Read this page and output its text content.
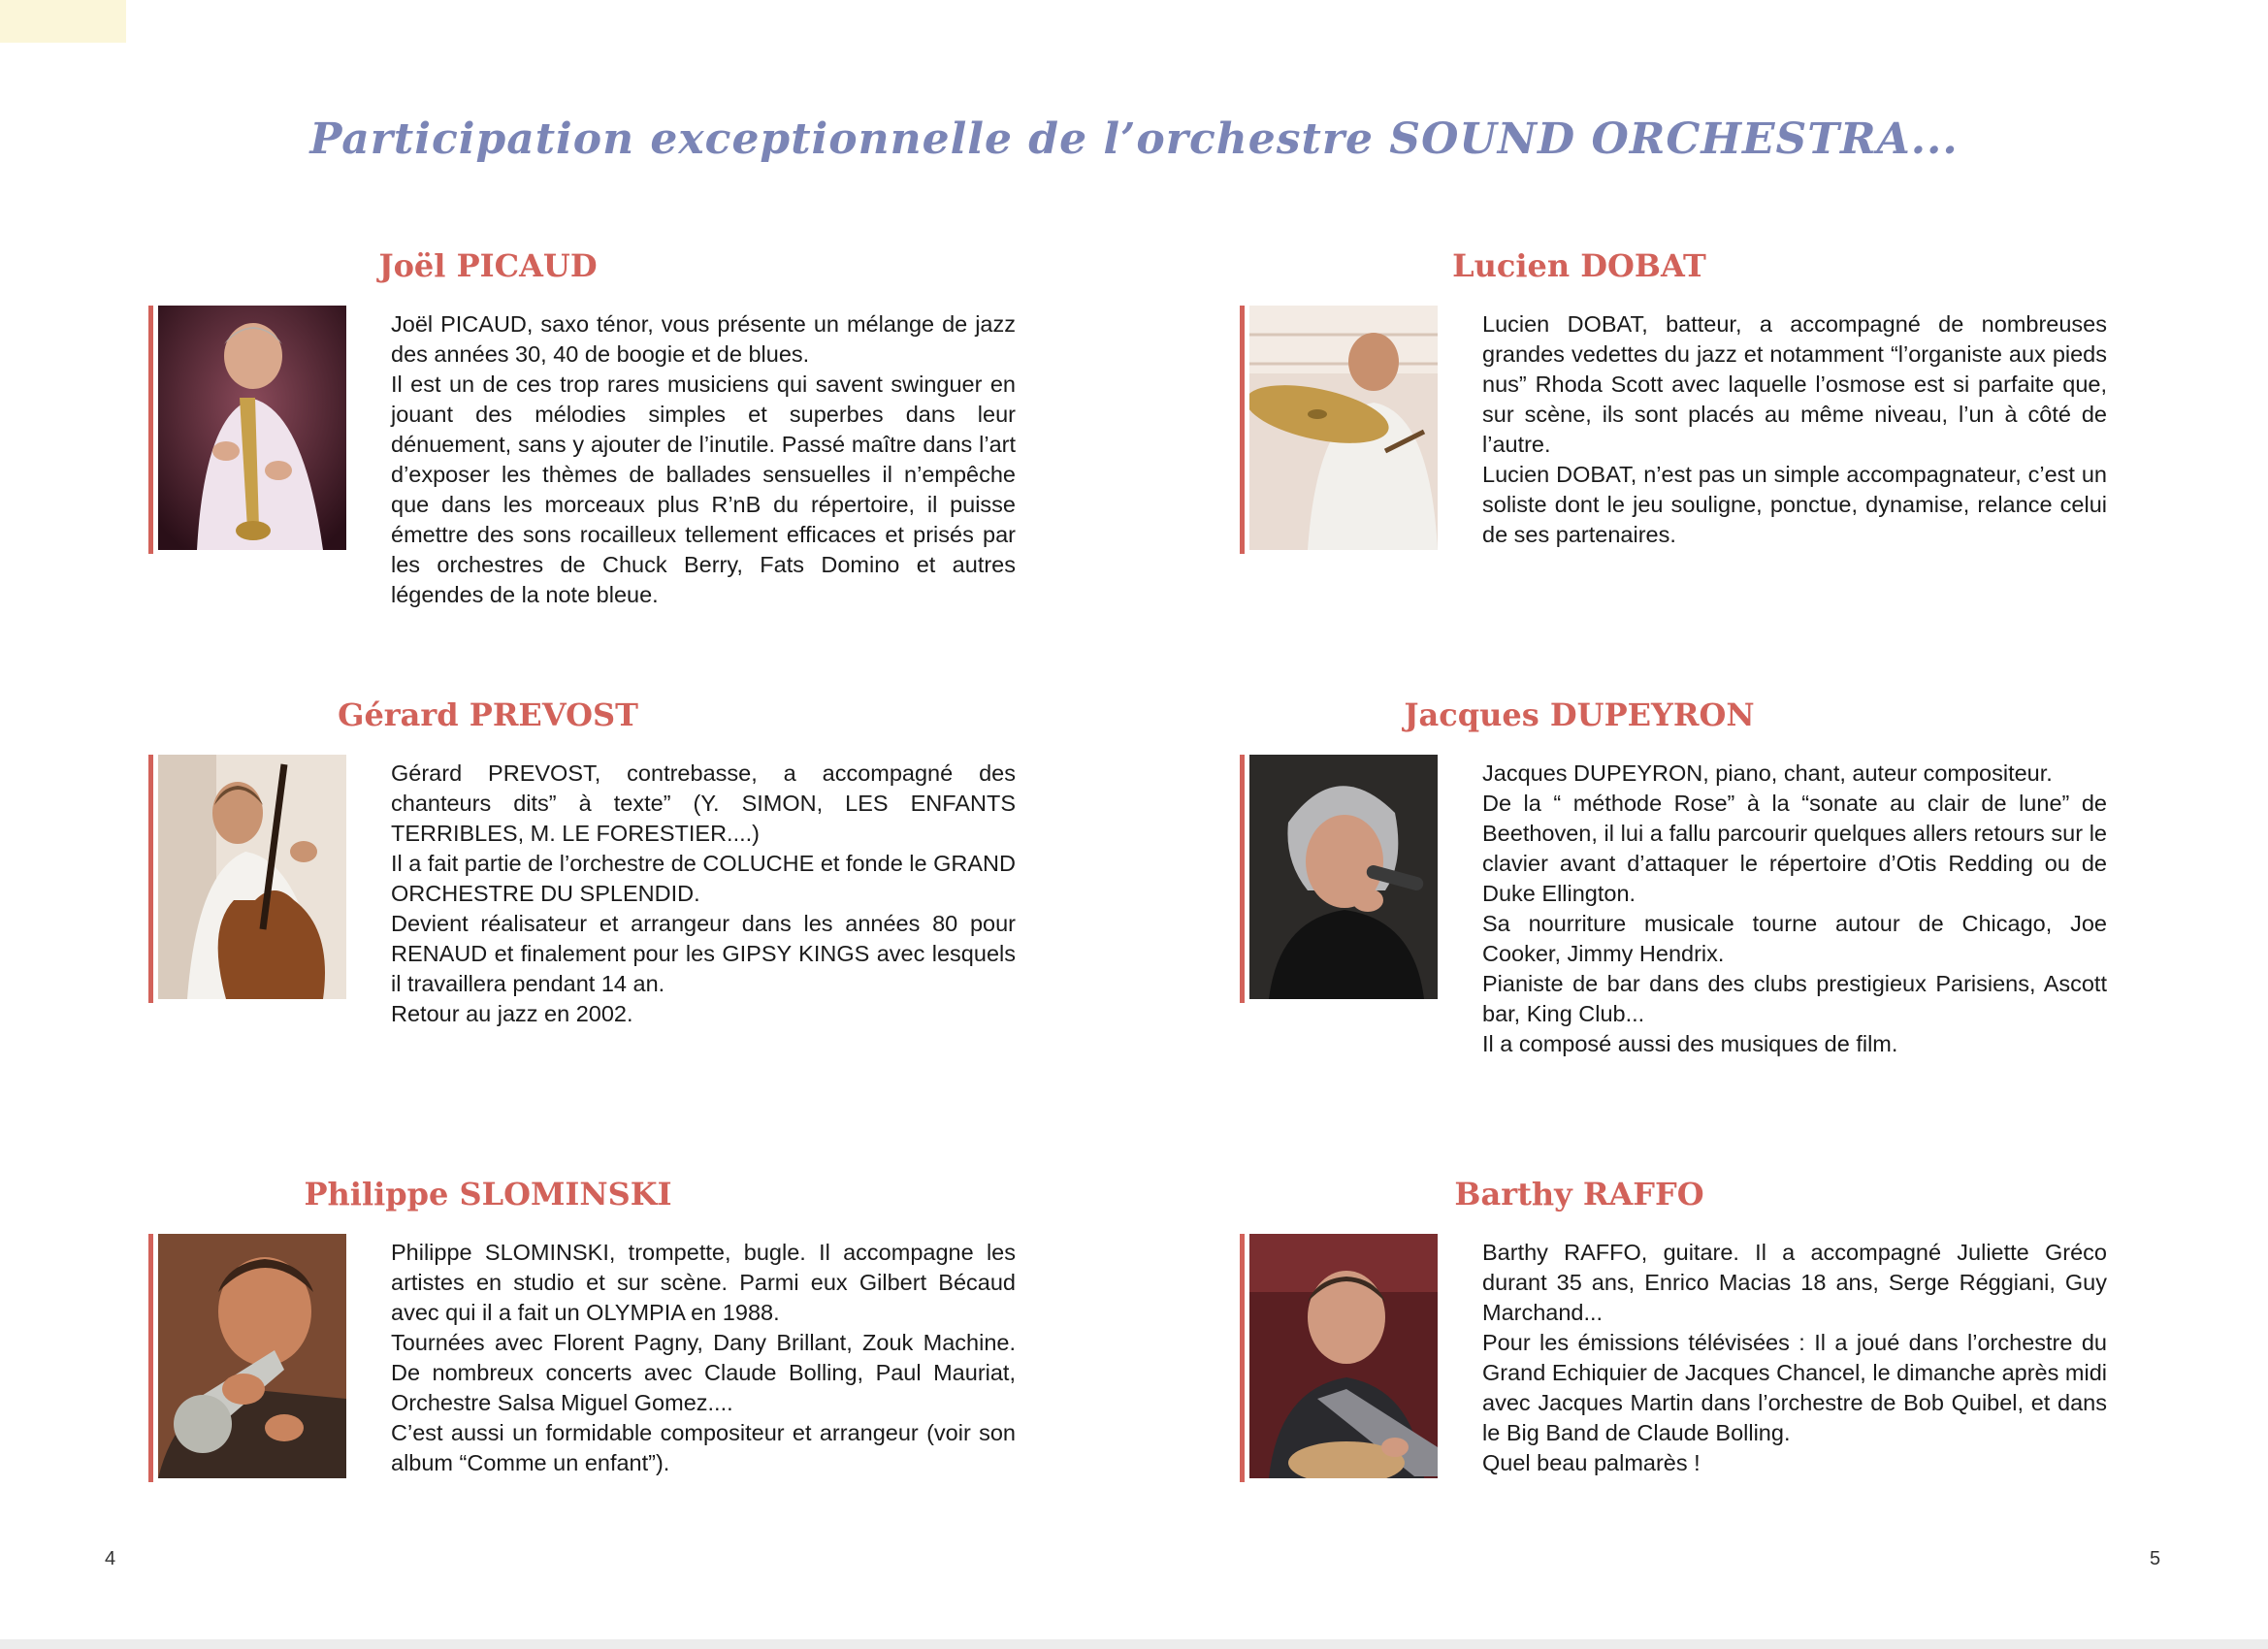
Participation exceptionnelle de l’orchestre SOUND ORCHESTRA...
Joël PICAUD

Joël PICAUD, saxo ténor, vous présente un mélange de jazz des années 30, 40 de boogie et de blues.

Il est un de ces trop rares musiciens qui savent swinguer en jouant des mélodies simples et superbes dans leur dénuement, sans y ajouter de l’inutile. Passé maître dans l’art d’exposer les thèmes de ballades sensuelles il n’empêche que dans les morceaux plus R’nB du répertoire, il puisse émettre des sons rocailleux tellement efficaces et prisés par les orchestres de Chuck Berry, Fats Domino et autres légendes de la note bleue.

Lucien DOBAT

Lucien DOBAT, batteur, a accompagné de nombreuses grandes vedettes du jazz et notamment “l’organiste aux pieds nus” Rhoda Scott avec laquelle l’osmose est si parfaite que, sur scène, ils sont placés au même niveau, l’un à côté de l’autre.

Lucien DOBAT, n’est pas un simple accompagnateur, c’est un soliste dont le jeu souligne, ponctue, dynamise, relance celui de ses partenaires.

Gérard PREVOST

Gérard PREVOST, contrebasse, a accompagné des chanteurs dits” à texte” (Y. SIMON, LES ENFANTS TERRIBLES, M. LE FORESTIER....)

Il a fait partie de l’orchestre de COLUCHE et fonde le GRAND ORCHESTRE DU SPLENDID.

Devient réalisateur et arrangeur dans les années 80 pour RENAUD et finalement pour les GIPSY KINGS avec lesquels il travaillera pendant 14 an.

Retour au jazz en 2002.

Jacques DUPEYRON

Jacques DUPEYRON, piano, chant, auteur compositeur.

De la “ méthode Rose” à la “sonate au clair de lune” de Beethoven, il lui a fallu parcourir quelques allers retours sur le clavier avant d’attaquer le répertoire d’Otis Redding ou de Duke Ellington.

Sa nourriture musicale tourne autour de Chicago, Joe Cooker, Jimmy Hendrix.

Pianiste de bar dans des clubs prestigieux Parisiens, Ascott bar, King Club...

Il a composé aussi des musiques de film.

Philippe SLOMINSKI

Philippe SLOMINSKI, trompette, bugle. Il accompagne les artistes en studio et sur scène. Parmi eux Gilbert Bécaud avec qui il a fait un OLYMPIA en 1988.

Tournées avec Florent Pagny, Dany Brillant, Zouk Machine. De nombreux concerts avec Claude Bolling, Paul Mauriat, Orchestre Salsa Miguel Gomez....

C’est aussi un formidable compositeur et arrangeur (voir son album “Comme un enfant”).

Barthy RAFFO

Barthy RAFFO, guitare. Il a accompagné Juliette Gréco durant 35 ans, Enrico Macias 18 ans, Serge Réggiani, Guy Marchand...

Pour les émissions télévisées : Il a joué dans l’orchestre du Grand Echiquier de Jacques Chancel, le dimanche après midi avec Jacques Martin dans l’orchestre de Bob Quibel, et dans le Big Band de Claude Bolling.

Quel beau palmarès !

4	5
